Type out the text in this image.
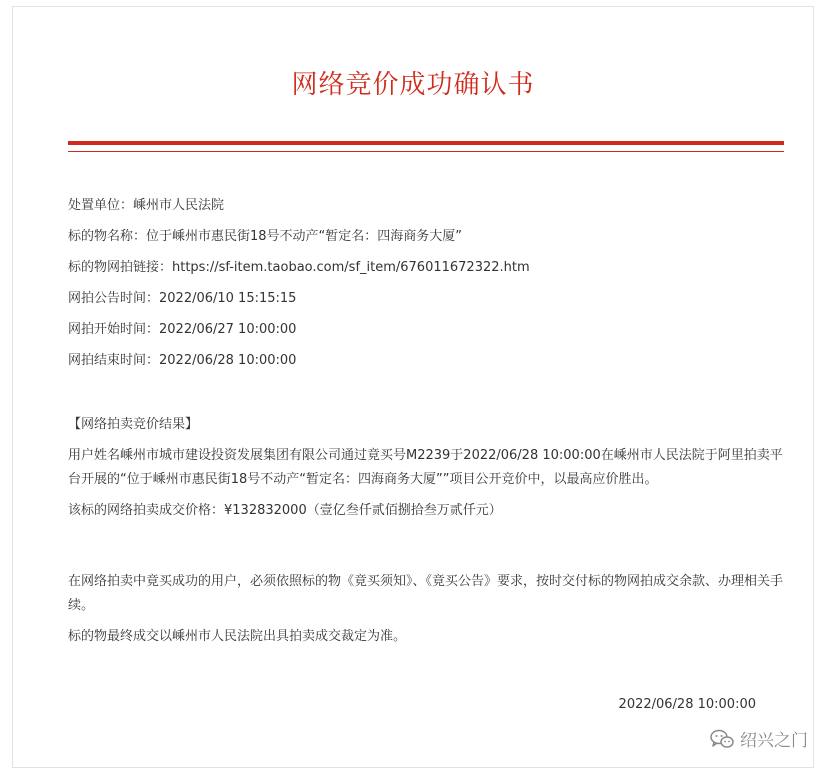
网络竞价成功确认书
处置单位：嵊州市人民法院
标的物名称：位于嵊州市惠民街18号不动产“暂定名：四海商务大厦”
标的物网拍链接：https://sf-item.taobao.com/sf_item/676011672322.htm
网拍公告时间：2022/06/10 15:15:15
网拍开始时间：2022/06/27 10:00:00
网拍结束时间：2022/06/28 10:00:00
【网络拍卖竞价结果】

用户姓名嵊州市城市建设投资发展集团有限公司通过竟买号M2239于2022/06/28 10:00:00在嵊州市人民法院于阿里拍卖平台开展的“位于嵊州市惠民街18号不动产“暂定名：四海商务大厦””项目公开竞价中，以最高应价胜出。

该标的网络拍卖成交价格：¥132832000（壹亿叁仟贰佰捌拾叁万贰仟元）

在网络拍卖中竟买成功的用户，必须依照标的物《竟买须知》、《竟买公告》要求，按时交付标的物网拍成交余款、办理相关手续。

标的物最终成交以嵊州市人民法院出具拍卖成交裁定为准。

2022/06/28 10:00:00
绍兴之门
